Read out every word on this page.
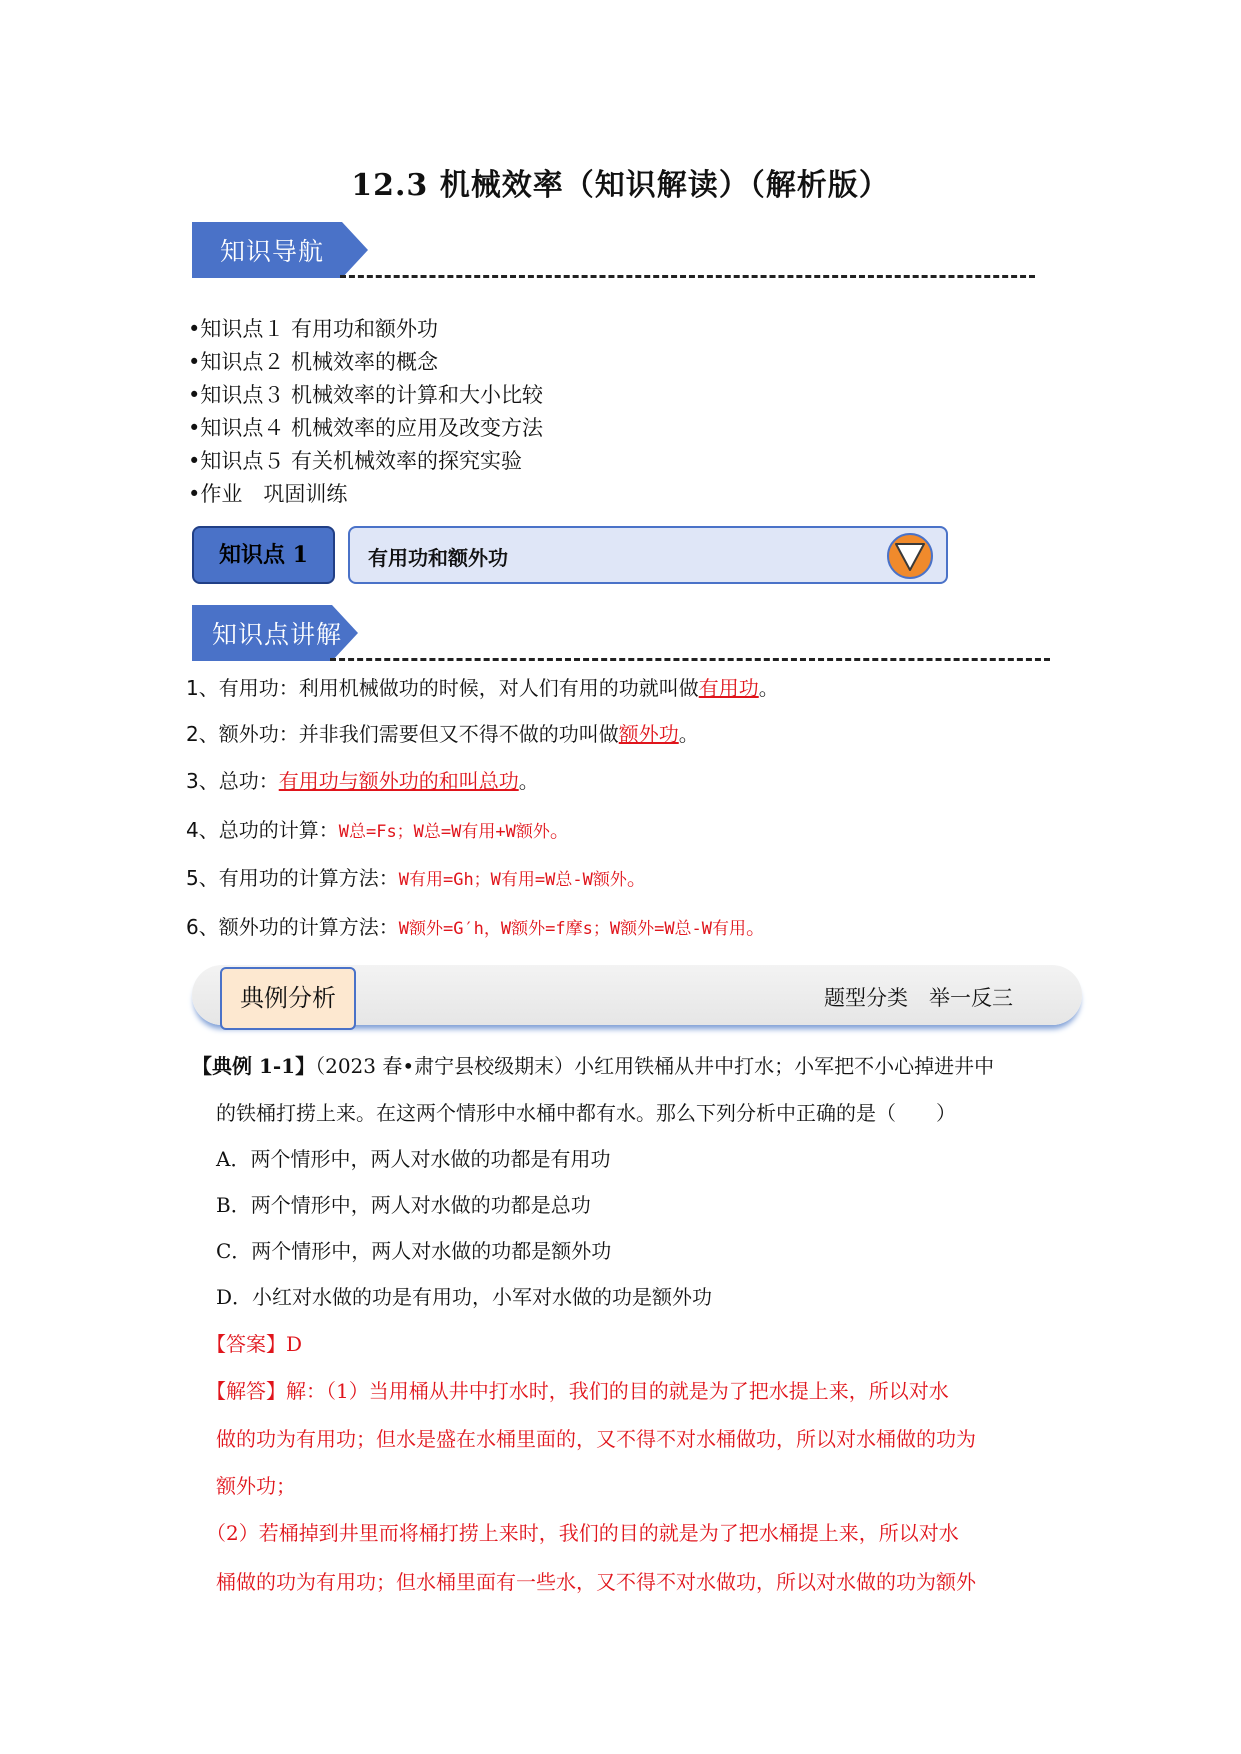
12.3 机械效率（知识解读）（解析版）
知识导航
•知识点１ 有用功和额外功
•知识点２ 机械效率的概念
•知识点３ 机械效率的计算和大小比较
•知识点４ 机械效率的应用及改变方法
•知识点５ 有关机械效率的探究实验
•作业　巩固训练
知识点 1	有用功和额外功
知识点讲解
1、有用功：利用机械做功的时候，对人们有用的功就叫做有用功。
2、额外功：并非我们需要但又不得不做的功叫做额外功。
3、总功：有用功与额外功的和叫总功。
4、总功的计算：W总=Fs；W总=W有用+W额外。
5、有用功的计算方法：W有用=Gh；W有用=W总-W额外。
6、额外功的计算方法：W额外=G′h，W额外=f摩s；W额外=W总-W有用。
典例分析	题型分类　举一反三
【典例 1-1】（2023 春•肃宁县校级期末）小红用铁桶从井中打水；小军把不小心掉进井中
的铁桶打捞上来。在这两个情形中水桶中都有水。那么下列分析中正确的是（　　）
A．两个情形中，两人对水做的功都是有用功
B．两个情形中，两人对水做的功都是总功
C．两个情形中，两人对水做的功都是额外功
D．小红对水做的功是有用功，小军对水做的功是额外功
【答案】D
【解答】解：（1）当用桶从井中打水时，我们的目的就是为了把水提上来，所以对水
做的功为有用功；但水是盛在水桶里面的，又不得不对水桶做功，所以对水桶做的功为
额外功；
（2）若桶掉到井里而将桶打捞上来时，我们的目的就是为了把水桶提上来，所以对水
桶做的功为有用功；但水桶里面有一些水，又不得不对水做功，所以对水做的功为额外
